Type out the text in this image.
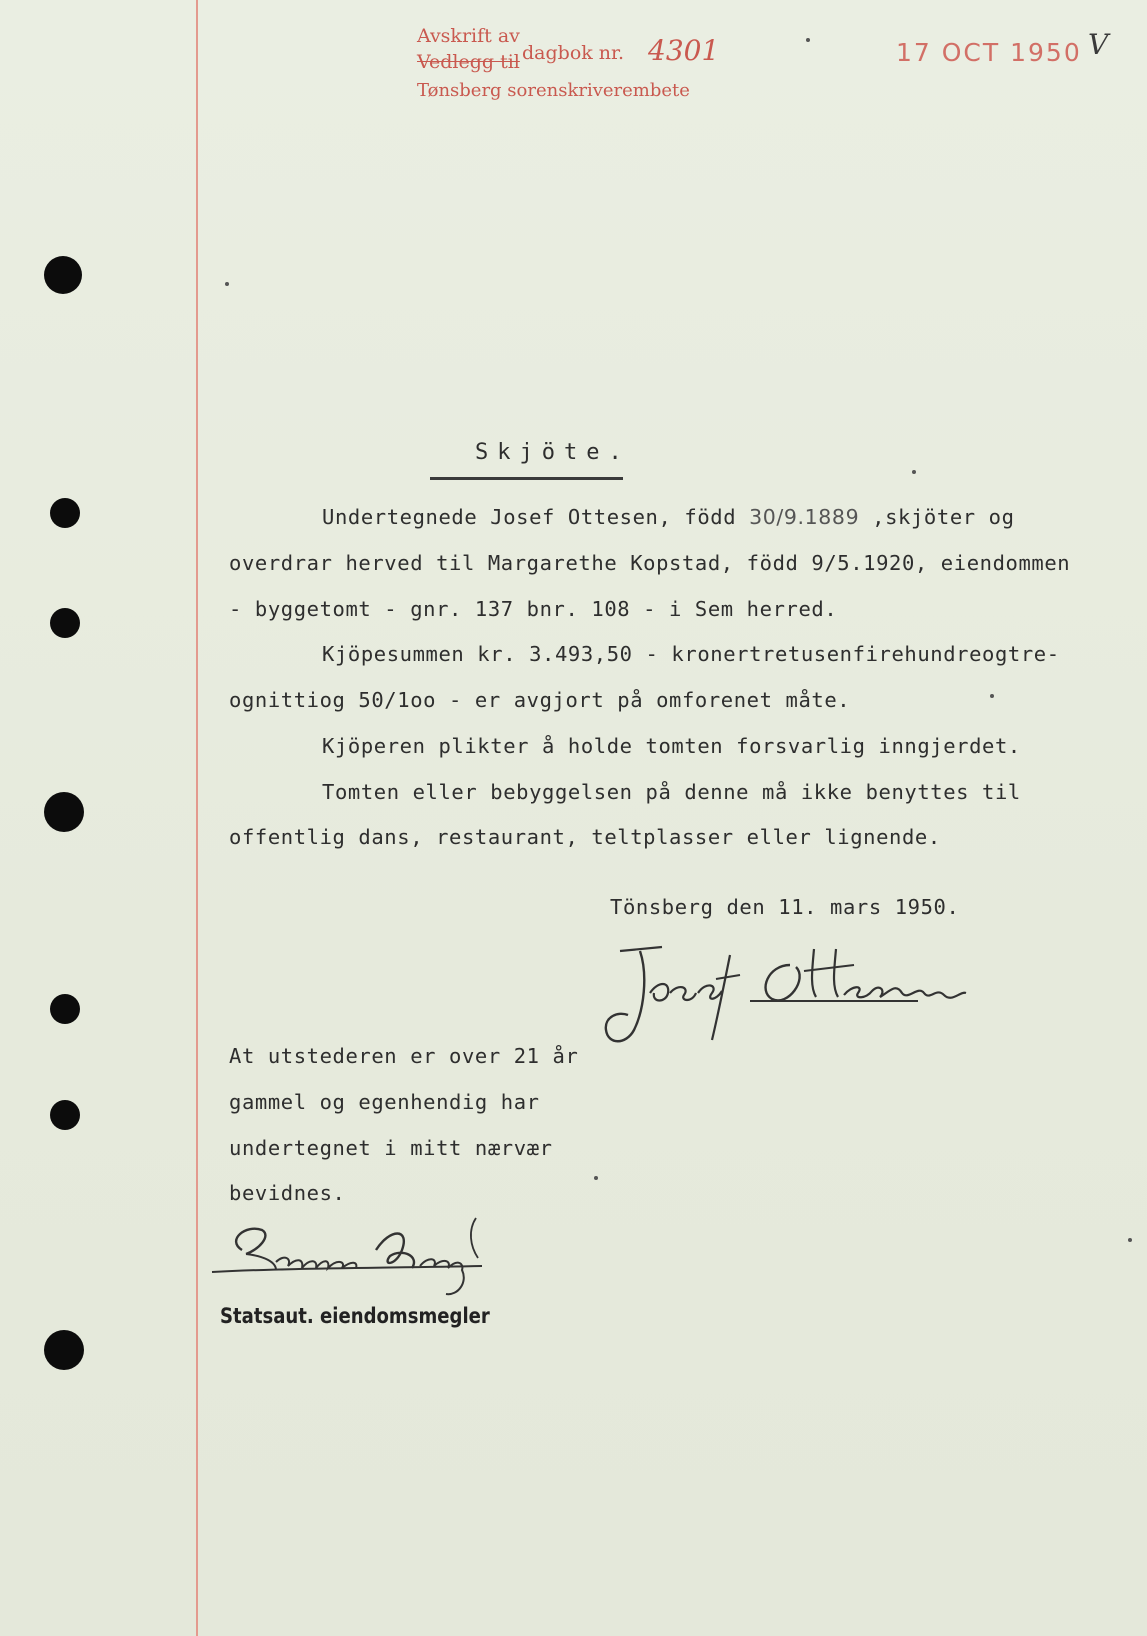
Avskrift av
Vedlegg til dagbok nr. 4301
Tønsberg sorenskriverembete
17 OCT 1950 V
Skjöte.
Undertegnede Josef Ottesen, född 30/9.1889 ,skjöter og
overdrar herved til Margarethe Kopstad, född 9/5.1920, eiendommen
- byggetomt - gnr. 137 bnr. 108 - i Sem herred.
Kjöpesummen kr. 3.493,50 - kronertretusenfirehundreogtre-
ognittiog 50/1oo - er avgjort på omforenet måte.
Kjöperen plikter å holde tomten forsvarlig inngjerdet.
Tomten eller bebyggelsen på denne må ikke benyttes til
offentlig dans, restaurant, teltplasser eller lignende.
Tönsberg den 11. mars 1950.
At utstederen er over 21 år
gammel og egenhendig har
undertegnet i mitt nærvær
bevidnes.
Statsaut. eiendomsmegler
